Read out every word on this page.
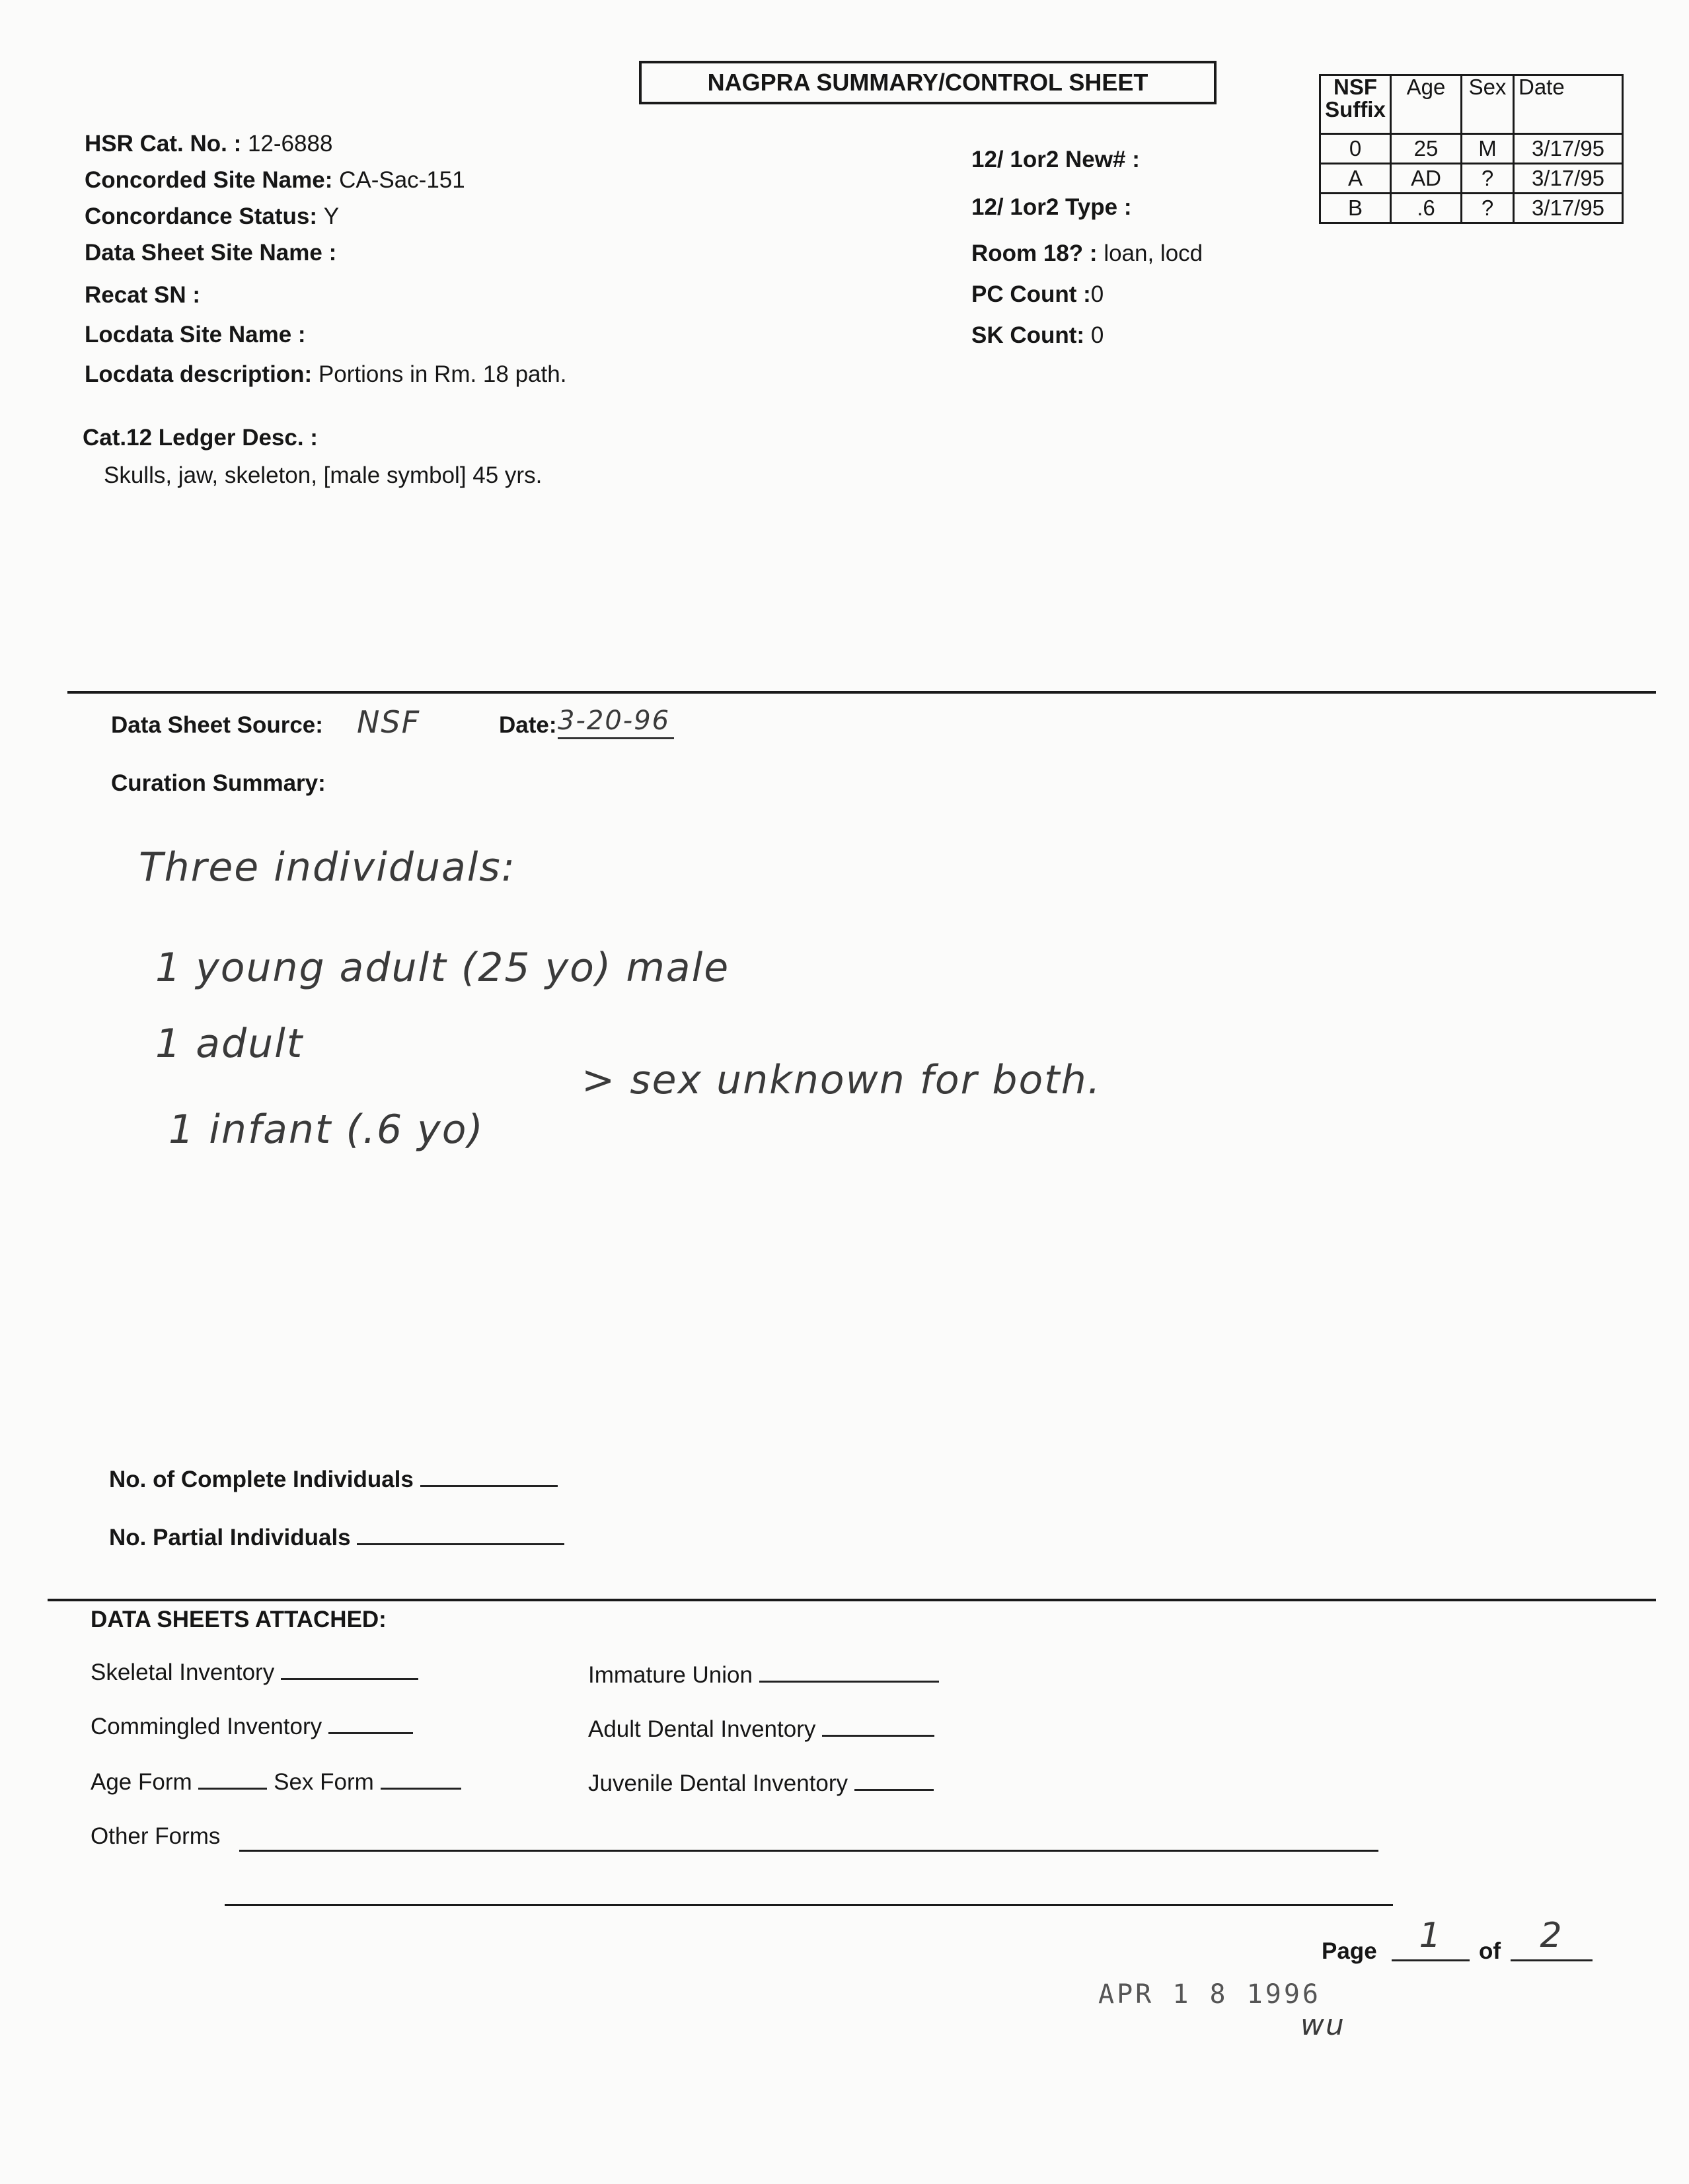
NAGPRA SUMMARY/CONTROL SHEET	NSF Suffix	Age	Sex	Date
0	25	M	3/17/95
A	AD	?	3/17/95
B	.6	?	3/17/95
HSR Cat. No. : 12-6888
Concorded Site Name: CA-Sac-151
Concordance Status: Y
Data Sheet Site Name :
Recat SN :
Locdata Site Name :
Locdata description: Portions in Rm. 18 path.
12/ 1or2 New# :
12/ 1or2 Type :
Room 18? : loan, locd
PC Count :0
SK Count: 0
Cat.12 Ledger Desc. :
Skulls, jaw, skeleton, [male symbol] 45 yrs.
Data Sheet Source: NSF	Date: 3-20-96
Curation Summary:
Three individuals:
1 young adult (25 yo) male
1 adult
1 infant (.6 yo)
> sex unknown for both.
No. of Complete Individuals
No. Partial Individuals
DATA SHEETS ATTACHED:
Skeletal Inventory
Commingled Inventory
Age Form	Sex Form
Other Forms
Immature Union
Adult Dental Inventory
Juvenile Dental Inventory
Page	1	of	2
APR 1 8 1996
wu
